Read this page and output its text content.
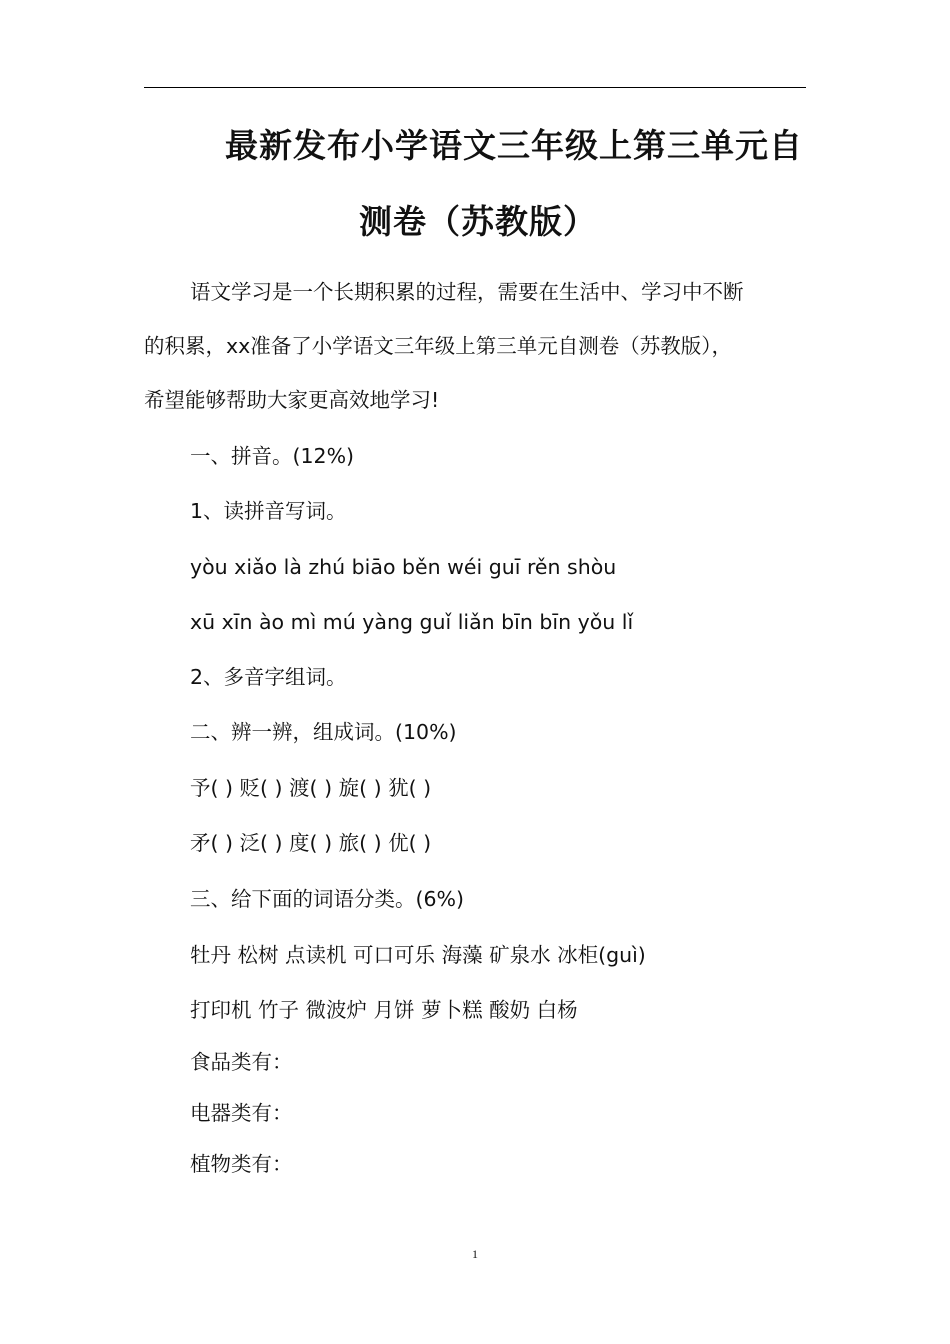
最新发布小学语文三年级上第三单元自
测卷（苏教版）
语文学习是一个长期积累的过程，需要在生活中、学习中不断
的积累，xx准备了小学语文三年级上第三单元自测卷（苏教版），
希望能够帮助大家更高效地学习!
一、拼音。(12%)
1、读拼音写词。
yòu xiǎo là zhú biāo běn wéi guī rěn shòu
xū xīn ào mì mú yàng guǐ liǎn bīn bīn yǒu lǐ
2、多音字组词。
二、辨一辨，组成词。(10%)
予( ) 贬( ) 渡( ) 旋( ) 犹( )
矛( ) 泛( ) 度( ) 旅( ) 优( )
三、给下面的词语分类。(6%)
牡丹 松树 点读机 可口可乐 海藻 矿泉水 冰柜(guì)
打印机 竹子 微波炉 月饼 萝卜糕 酸奶 白杨
食品类有：
电器类有：
植物类有：
1
